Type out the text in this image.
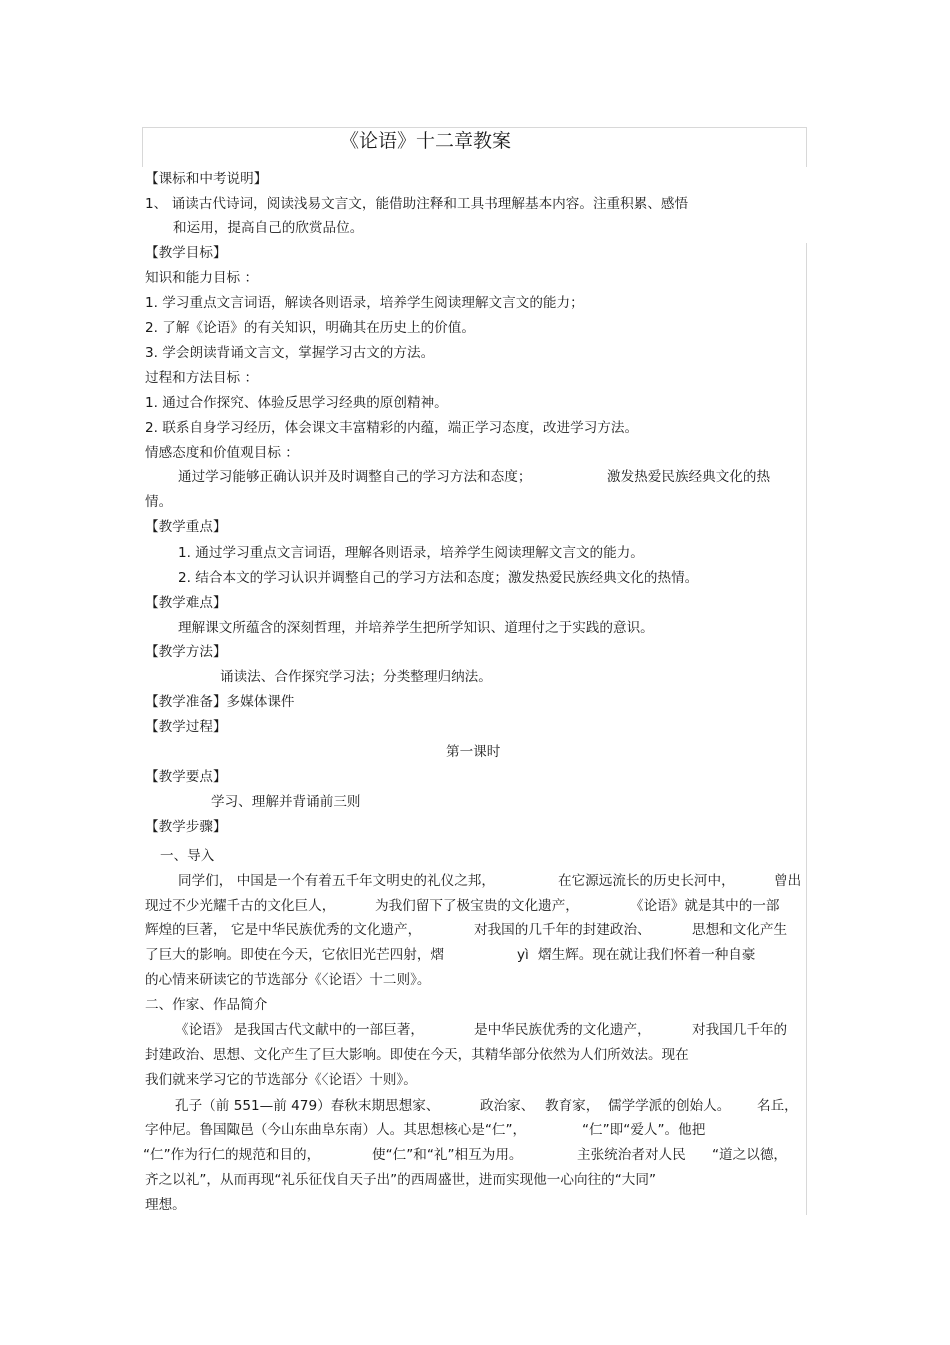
《论语》十二章教案
【课标和中考说明】
1、 诵读古代诗词，阅读浅易文言文，能借助注释和工具书理解基本内容。注重积累、感悟
和运用，提高自己的欣赏品位。
【教学目标】
知识和能力目标 ：
1. 学习重点文言词语，解读各则语录，培养学生阅读理解文言文的能力；
2. 了解《论语》的有关知识，明确其在历史上的价值。
3. 学会朗读背诵文言文，掌握学习古文的方法。
过程和方法目标 ：
1. 通过合作探究、体验反思学习经典的原创精神。
2. 联系自身学习经历，体会课文丰富精彩的内蕴，端正学习态度，改进学习方法。
情感态度和价值观目标 ：
通过学习能够正确认识并及时调整自己的学习方法和态度；	激发热爱民族经典文化的热
情。
【教学重点】
1. 通过学习重点文言词语，理解各则语录，培养学生阅读理解文言文的能力。
2. 结合本文的学习认识并调整自己的学习方法和态度；激发热爱民族经典文化的热情。
【教学难点】
理解课文所蕴含的深刻哲理，并培养学生把所学知识、道理付之于实践的意识。
【教学方法】
诵读法、合作探究学习法；分类整理归纳法。
【教学准备】多媒体课件
【教学过程】
第一课时
【教学要点】
学习、理解并背诵前三则
【教学步骤】
一、导入
同学们， 中国是一个有着五千年文明史的礼仪之邦，	在它源远流长的历史长河中，	曾出
现过不少光耀千古的文化巨人，	为我们留下了极宝贵的文化遗产，	《论语》就是其中的一部
辉煌的巨著， 它是中华民族优秀的文化遗产，	对我国的几千年的封建政治、	思想和文化产生
了巨大的影响。即使在今天，它依旧光芒四射，熠	yì 熠生辉。现在就让我们怀着一种自豪
的心情来研读它的节选部分《〈论语〉十二则》。
二、作家、作品简介
《论语》 是我国古代文献中的一部巨著，	是中华民族优秀的文化遗产，	对我国几千年的
封建政治、思想、文化产生了巨大影响。即使在今天，其精华部分依然为人们所效法。现在
我们就来学习它的节选部分《〈论语〉十则》。
孔子（前 551—前 479）春秋末期思想家、	政治家、 教育家， 儒学学派的创始人。 名丘，
字仲尼。鲁国陬邑（今山东曲阜东南）人。其思想核心是“仁”，	“仁”即“爱人”。他把
“仁”作为行仁的规范和目的，	使“仁”和“礼”相互为用。	主张统治者对人民 “道之以德，
齐之以礼”，从而再现“礼乐征伐自天子出”的西周盛世，进而实现他一心向往的“大同”
理想。
